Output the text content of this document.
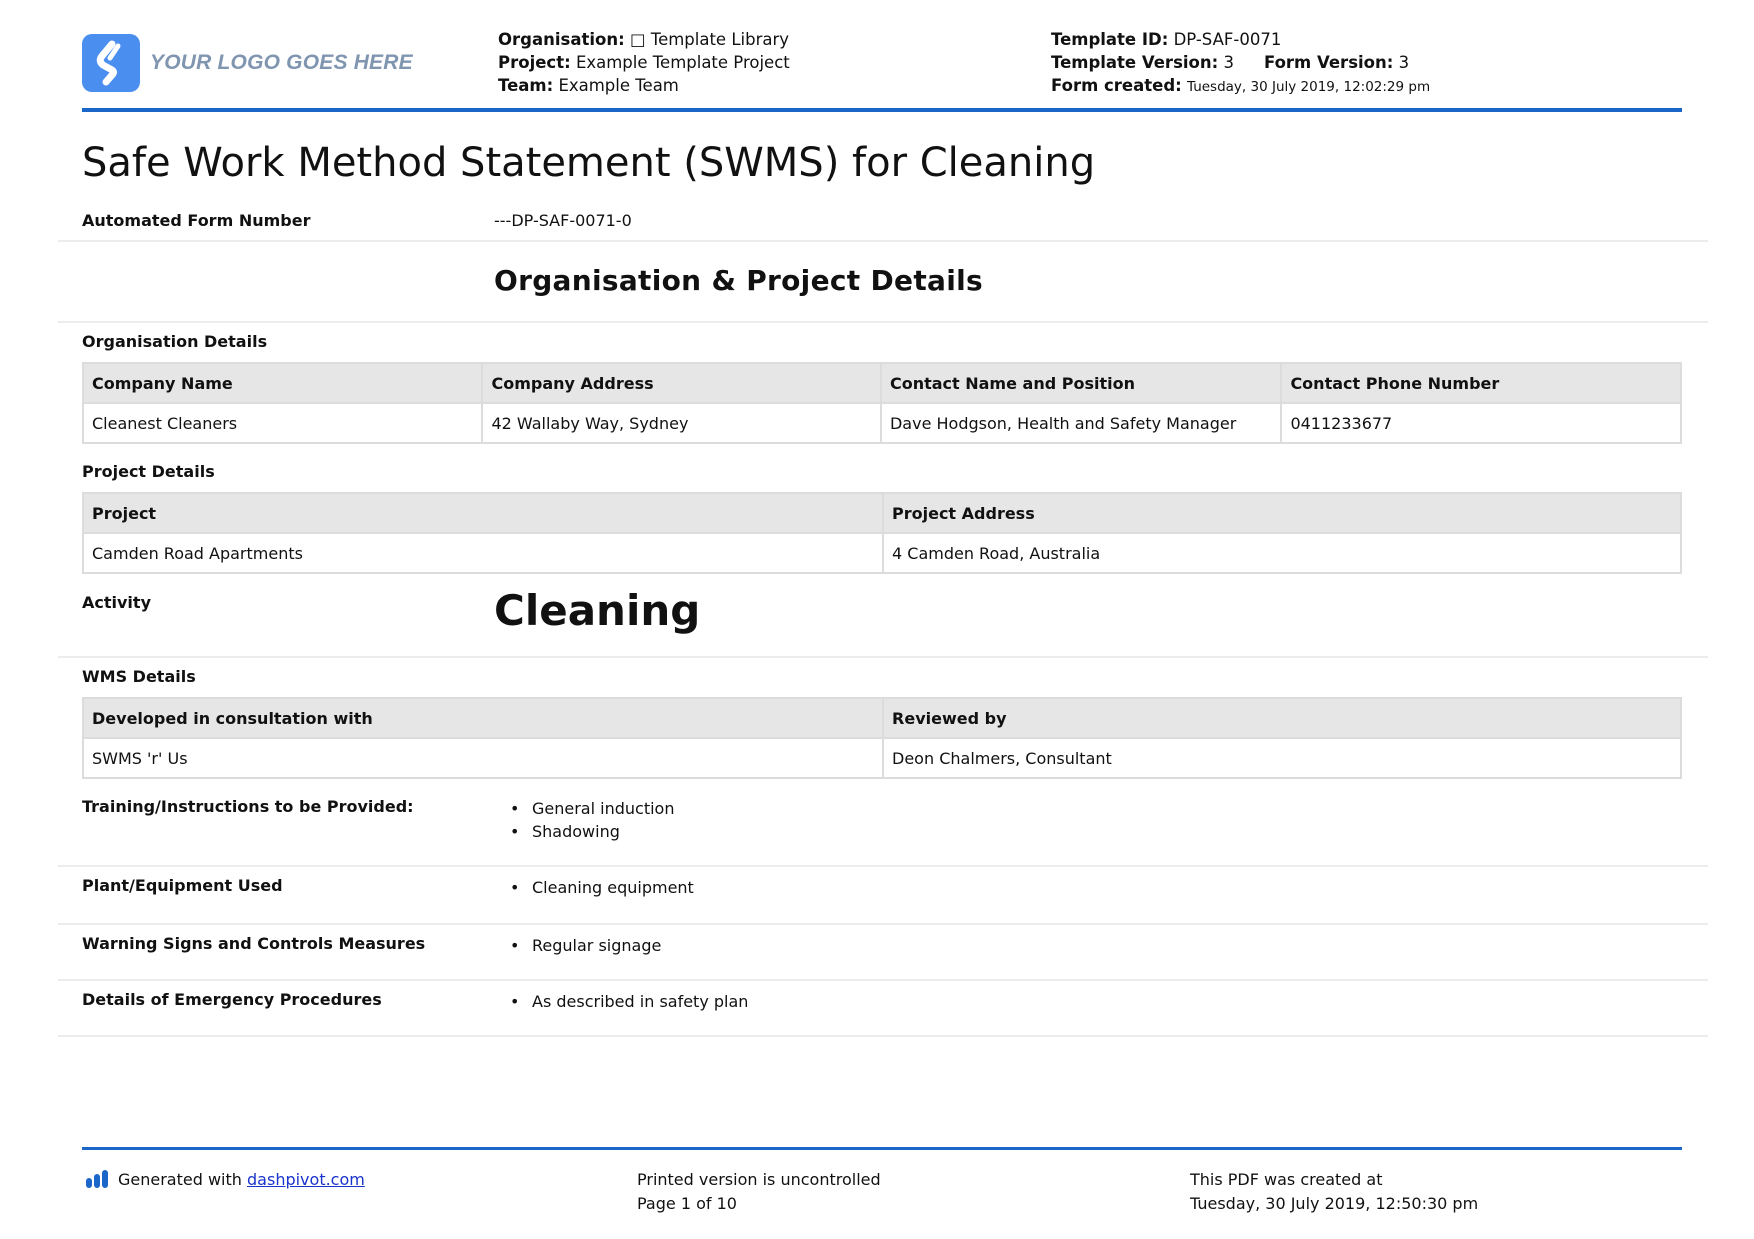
YOUR LOGO GOES HERE
Organisation: □ Template Library
Project: Example Template Project
Team: Example Team
Template ID: DP-SAF-0071
Template Version: 3 Form Version: 3
Form created: Tuesday, 30 July 2019, 12:02:29 pm
Safe Work Method Statement (SWMS) for Cleaning
Automated Form Number	---DP-SAF-0071-0
Organisation & Project Details
Organisation Details
Company Name	Company Address	Contact Name and Position	Contact Phone Number
Cleanest Cleaners	42 Wallaby Way, Sydney	Dave Hodgson, Health and Safety Manager	0411233677
Project Details
Project	Project Address
Camden Road Apartments	4 Camden Road, Australia
Activity	Cleaning
WMS Details
Developed in consultation with	Reviewed by
SWMS 'r' Us	Deon Chalmers, Consultant
Training/Instructions to be Provided:	• General induction
• Shadowing
Plant/Equipment Used	• Cleaning equipment
Warning Signs and Controls Measures	• Regular signage
Details of Emergency Procedures	• As described in safety plan
Generated with dashpivot.com	Printed version is uncontrolled
Page 1 of 10
This PDF was created at
Tuesday, 30 July 2019, 12:50:30 pm
